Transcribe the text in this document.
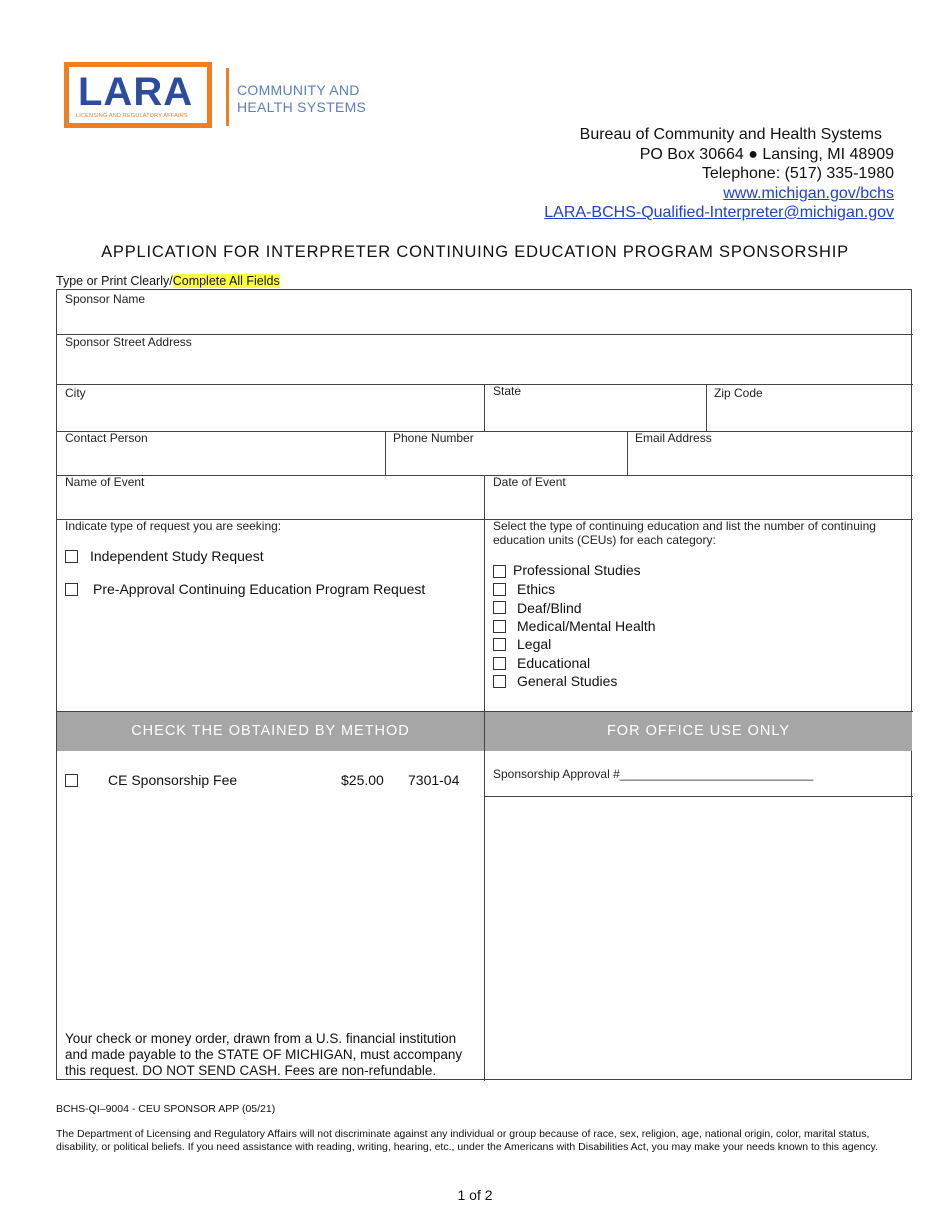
LARA
LICENSING AND REGULATORY AFFAIRS
COMMUNITY AND
HEALTH SYSTEMS
Bureau of Community and Health Systems
PO Box 30664 ● Lansing, MI 48909
Telephone: (517) 335-1980
www.michigan.gov/bchs
LARA-BCHS-Qualified-Interpreter@michigan.gov
APPLICATION FOR INTERPRETER CONTINUING EDUCATION PROGRAM SPONSORSHIP
Type or Print Clearly/Complete All Fields
Sponsor Name
Sponsor Street Address
City	State	Zip Code
Contact Person	Phone Number	Email Address
Name of Event	Date of Event
Indicate type of request you are seeking:
Independent Study Request
Pre-Approval Continuing Education Program Request
Select the type of continuing education and list the number of continuing
education units (CEUs) for each category:
Professional Studies
Ethics
Deaf/Blind
Medical/Mental Health
Legal
Educational
General Studies
CHECK THE OBTAINED BY METHOD	FOR OFFICE USE ONLY
CE Sponsorship Fee	$25.00 7301-04	Sponsorship Approval #_____________________________
Your check or money order, drawn from a U.S. financial institution
and made payable to the STATE OF MICHIGAN, must accompany
this request. DO NOT SEND CASH. Fees are non-refundable.
BCHS-QI–9004 - CEU SPONSOR APP (05/21)
The Department of Licensing and Regulatory Affairs will not discriminate against any individual or group because of race, sex, religion, age, national origin, color, marital status, disability, or political beliefs. If you need assistance with reading, writing, hearing, etc., under the Americans with Disabilities Act, you may make your needs known to this agency.
1 of 2
